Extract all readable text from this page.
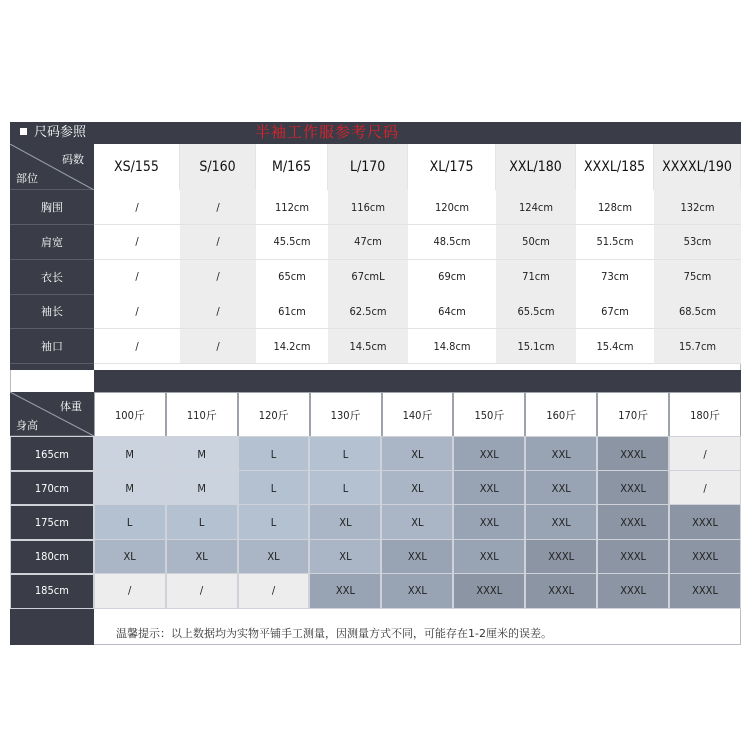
尺码参照	半袖工作服参考尺码
码数
部位
XS/155	S/160	M/165	L/170	XL/175	XXL/180	XXXL/185	XXXXL/190
胸围	/	/	112cm	116cm	120cm	124cm	128cm	132cm
肩宽	/	/	45.5cm	47cm	48.5cm	50cm	51.5cm	53cm
衣长	/	/	65cm	67cmL	69cm	71cm	73cm	75cm
袖长	/	/	61cm	62.5cm	64cm	65.5cm	67cm	68.5cm
袖口	/	/	14.2cm	14.5cm	14.8cm	15.1cm	15.4cm	15.7cm
体重
身高
100斤	110斤	120斤	130斤	140斤	150斤	160斤	170斤	180斤
165cm	M	M	L	L	XL	XXL	XXL	XXXL	/
170cm	M	M	L	L	XL	XXL	XXL	XXXL	/
175cm	L	L	L	XL	XL	XXL	XXL	XXXL	XXXL
180cm	XL	XL	XL	XL	XXL	XXL	XXXL	XXXL	XXXL
185cm	/	/	/	XXL	XXL	XXXL	XXXL	XXXL	XXXL
温馨提示：以上数据均为实物平铺手工测量，因测量方式不同，可能存在1-2厘米的误差。
